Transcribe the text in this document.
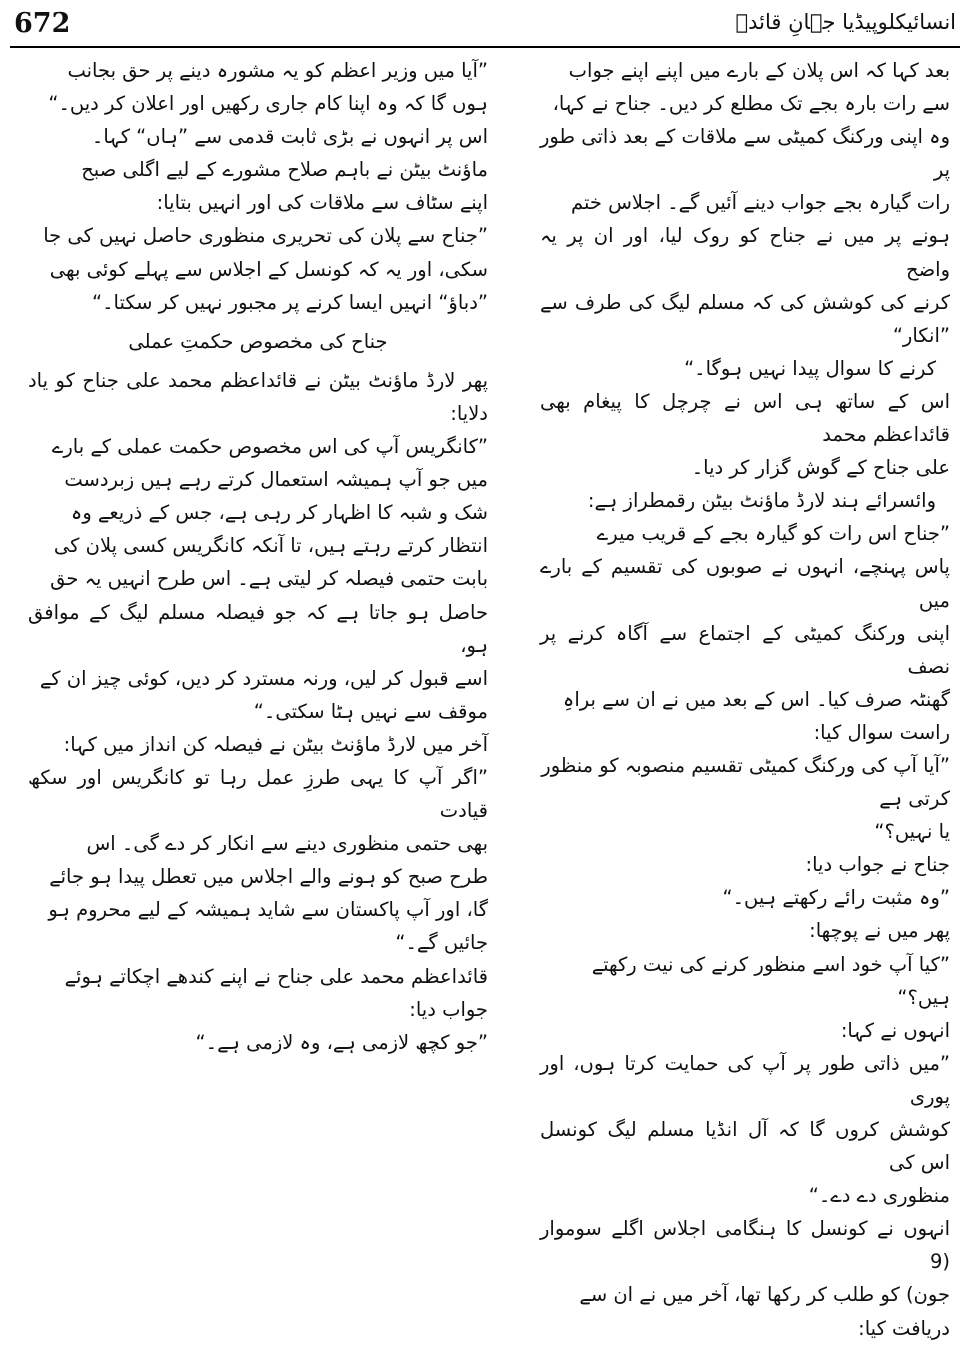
672	انسائیکلوپیڈیا جہانِ قائدؒ

بعد کہا کہ اس پلان کے بارے میں اپنے اپنے جواب

سے رات بارہ بجے تک مطلع کر دیں۔ جناح نے کہا،

وہ اپنی ورکنگ کمیٹی سے ملاقات کے بعد ذاتی طور پر

رات گیارہ بجے جواب دینے آئیں گے۔ اجلاس ختم

ہونے پر میں نے جناح کو روک لیا، اور ان پر یہ واضح

کرنے کی کوشش کی کہ مسلم لیگ کی طرف سے ”انکار“

کرنے کا سوال پیدا نہیں ہوگا۔“

اس کے ساتھ ہی اس نے چرچل کا پیغام بھی قائداعظم محمد

علی جناح کے گوش گزار کر دیا۔

وائسرائے ہند لارڈ ماؤنٹ بیٹن رقمطراز ہے:

”جناح اس رات کو گیارہ بجے کے قریب میرے

پاس پہنچے، انہوں نے صوبوں کی تقسیم کے بارے میں

اپنی ورکنگ کمیٹی کے اجتماع سے آگاہ کرنے پر نصف

گھنٹہ صرف کیا۔ اس کے بعد میں نے ان سے براہِ

راست سوال کیا:

”آیا آپ کی ورکنگ کمیٹی تقسیم منصوبہ کو منظور کرتی ہے

یا نہیں؟“

جناح نے جواب دیا:

”وہ مثبت رائے رکھتے ہیں۔“

پھر میں نے پوچھا:

”کیا آپ خود اسے منظور کرنے کی نیت رکھتے ہیں؟“

انہوں نے کہا:

”میں ذاتی طور پر آپ کی حمایت کرتا ہوں، اور پوری

کوشش کروں گا کہ آل انڈیا مسلم لیگ کونسل اس کی

منظوری دے دے۔“

انہوں نے کونسل کا ہنگامی اجلاس اگلے سوموار (9

جون) کو طلب کر رکھا تھا، آخر میں نے ان سے

دریافت کیا:

”آیا میں وزیر اعظم کو یہ مشورہ دینے پر حق بجانب

ہوں گا کہ وہ اپنا کام جاری رکھیں اور اعلان کر دیں۔“

اس پر انہوں نے بڑی ثابت قدمی سے ”ہاں“ کہا۔

ماؤنٹ بیٹن نے باہم صلاح مشورے کے لیے اگلی صبح

اپنے سٹاف سے ملاقات کی اور انہیں بتایا:

”جناح سے پلان کی تحریری منظوری حاصل نہیں کی جا

سکی، اور یہ کہ کونسل کے اجلاس سے پہلے کوئی بھی

”دباؤ“ انہیں ایسا کرنے پر مجبور نہیں کر سکتا۔“

جناح کی مخصوص حکمتِ عملی

پھر لارڈ ماؤنٹ بیٹن نے قائداعظم محمد علی جناح کو یاد دلایا:

”کانگریس آپ کی اس مخصوص حکمت عملی کے بارے

میں جو آپ ہمیشہ استعمال کرتے رہے ہیں زبردست

شک و شبہ کا اظہار کر رہی ہے، جس کے ذریعے وہ

انتظار کرتے رہتے ہیں، تا آنکہ کانگریس کسی پلان کی

بابت حتمی فیصلہ کر لیتی ہے۔ اس طرح انہیں یہ حق

حاصل ہو جاتا ہے کہ جو فیصلہ مسلم لیگ کے موافق ہو،

اسے قبول کر لیں، ورنہ مسترد کر دیں، کوئی چیز ان کے

موقف سے نہیں ہٹا سکتی۔“

آخر میں لارڈ ماؤنٹ بیٹن نے فیصلہ کن انداز میں کہا:

”اگر آپ کا یہی طرزِ عمل رہا تو کانگریس اور سکھ قیادت

بھی حتمی منظوری دینے سے انکار کر دے گی۔ اس

طرح صبح کو ہونے والے اجلاس میں تعطل پیدا ہو جائے

گا، اور آپ پاکستان سے شاید ہمیشہ کے لیے محروم ہو

جائیں گے۔“

قائداعظم محمد علی جناح نے اپنے کندھے اچکاتے ہوئے

جواب دیا:

”جو کچھ لازمی ہے، وہ لازمی ہے۔“
